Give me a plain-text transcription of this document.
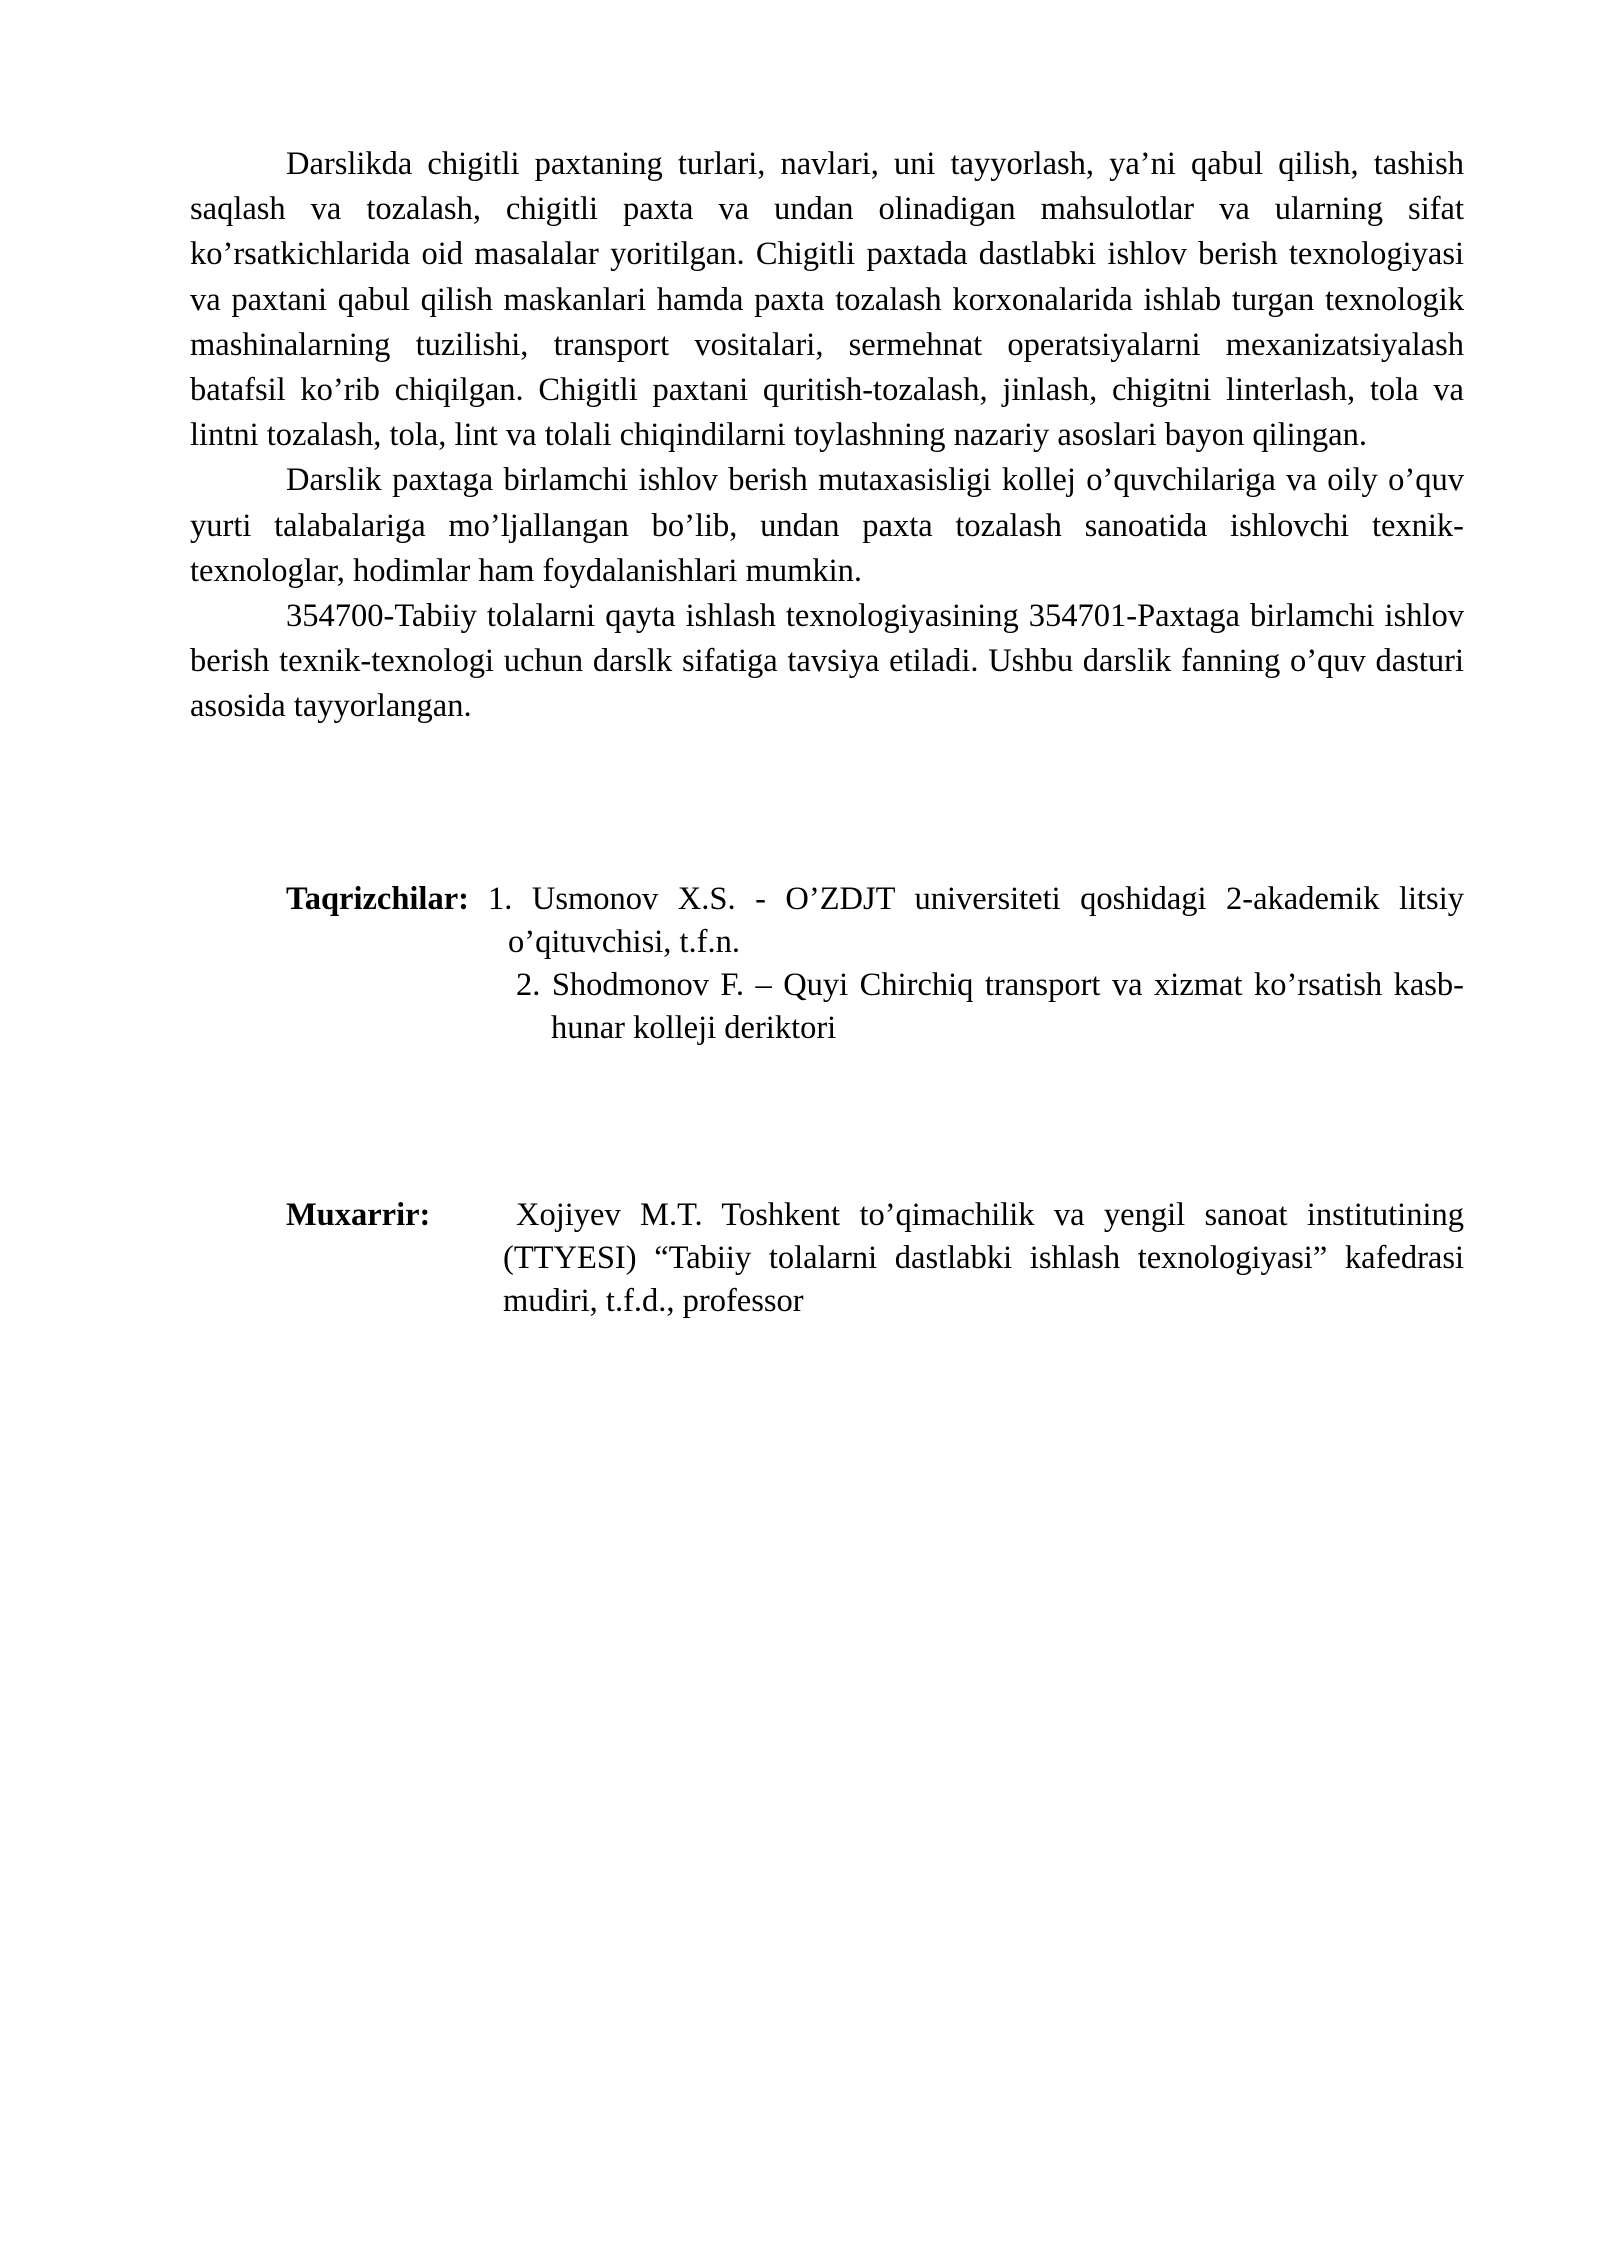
Darslikda chigitli paxtaning turlari, navlari, uni tayyorlash, ya’ni qabul qilish, tashish saqlash va tozalash, chigitli paxta va undan olinadigan mahsulotlar va ularning sifat ko’rsatkichlarida oid masalalar yoritilgan. Chigitli paxtada dastlabki ishlov berish texnologiyasi va paxtani qabul qilish maskanlari hamda paxta tozalash korxonalarida ishlab turgan texnologik mashinalarning tuzilishi, transport vositalari, sermehnat operatsiyalarni mexanizatsiyalash batafsil ko’rib chiqilgan. Chigitli paxtani quritish-tozalash, jinlash, chigitni linterlash, tola va lintni tozalash, tola, lint va tolali chiqindilarni toylashning nazariy asoslari bayon qilingan.

Darslik paxtaga birlamchi ishlov berish mutaxasisligi kollej o’quvchilariga va oily o’quv yurti talabalariga mo’ljallangan bo’lib, undan paxta tozalash sanoatida ishlovchi texnik-texnologlar, hodimlar ham foydalanishlari mumkin.

354700-Tabiiy tolalarni qayta ishlash texnologiyasining 354701-Paxtaga birlamchi ishlov berish texnik-texnologi uchun darslk sifatiga tavsiya etiladi. Ushbu darslik fanning o’quv dasturi asosida tayyorlangan.

Taqrizchilar: 1. Usmonov X.S. - O’ZDJT universiteti qoshidagi 2-akademik litsiy o’qituvchisi, t.f.n.

2. Shodmonov F. – Quyi Chirchiq transport va xizmat ko’rsatish kasb-hunar kolleji deriktori

Muxarrir:	Xojiyev M.T. Toshkent to’qimachilik va yengil sanoat institutining (TTYESI) “Tabiiy tolalarni dastlabki ishlash texnologiyasi” kafedrasi mudiri, t.f.d., professor
